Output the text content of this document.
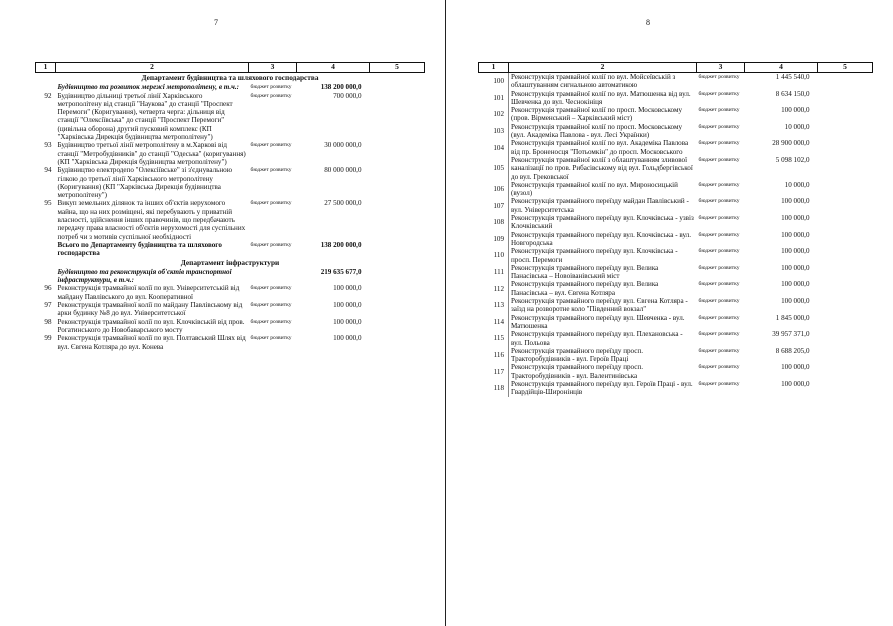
7
1	2	3	4	5
Департамент будівництва та шляхового господарства				
	Будівництво та розвиток мережі метрополітену, в т.ч.:	бюджет розвитку	138 200 000,0	
92	Будівництво дільниці третьої лінії Харківського метрополітену від станції "Наукова" до станції "Проспект Перемоги" (Коригування), четверта черга: дільниця від станції "Олексіївська" до станції "Проспект Перемоги" (цивільна оборона) другий пусковий комплекс (КП "Харківська Дирекція будівництва метрополітену")	бюджет розвитку	700 000,0	
93	Будівництво третьої лінії метрополітену в м.Харкові від станції "Метробудівників" до станції "Одеська" (коригування) (КП "Харківська Дирекція будівництва метрополітену")	бюджет розвитку	30 000 000,0	
94	Будівництво електродепо "Олексіївське" зі з'єднувальною гілкою до третьої лінії Харківського метрополітену (Коригування) (КП "Харківська Дирекція будівництва метрополітену")	бюджет розвитку	80 000 000,0	
95	Викуп земельних ділянок та інших об'єктів нерухомого майна, що на них розміщені, які перебувають у приватній власності, здійснення інших правочинів, що передбачають передачу права власності об'єктів нерухомості для суспільних потреб чи з мотивів суспільної необхідності	бюджет розвитку	27 500 000,0	
	Всього по Департаменту будівництва та шляхового господарства	бюджет розвитку	138 200 000,0	
Департамент інфраструктури				
	Будівництво та реконструкція об'єктів транспортної інфраструктури, в т.ч.:		219 635 677,0	
96	Реконструкція трамвайної колії по вул. Університетській від майдану Павлівського до вул. Кооперативної	бюджет розвитку	100 000,0	
97	Реконструкція трамвайної колії по майдану Павлівському від арки будинку №8 до вул. Університетської	бюджет розвитку	100 000,0	
98	Реконструкція трамвайної колії по вул. Клочківській від пров. Рогатинського до Новобаварського мосту	бюджет розвитку	100 000,0	
99	Реконструкція трамвайної колії по вул. Полтавський Шлях від вул. Євгена Котляра до вул. Конева	бюджет розвитку	100 000,0	
8
1	2	3	4	5
100	Реконструкція трамвайної колії по вул. Мойсеївській з облаштуванням сигнальною автоматикою	бюджет розвитку	1 445 540,0	
101	Реконструкція трамвайної колії по вул. Матюшенка від вул. Шевченка до вул. Чеснокініця	бюджет розвитку	8 634 150,0	
102	Реконструкція трамвайної колії по просп. Московському (пров. Вірменський – Харківський міст)	бюджет розвитку	100 000,0	
103	Реконструкція трамвайної колії по просп. Московському (вул. Академіка Павлова - вул. Лесі Українки)	бюджет розвитку	10 000,0	
104	Реконструкція трамвайної колії по вул. Академіка Павлова від пр. Броненосця "Потьомкін" до просп. Московського	бюджет розвитку	28 900 000,0	
105	Реконструкція трамвайної колії з облаштуванням зливової каналізації по пров. Рибасівському від вул. Гольдбергівської до вул. Грековської	бюджет розвитку	5 098 102,0	
106	Реконструкція трамвайної колії по вул. Мироносицькій (вузол)	бюджет розвитку	10 000,0	
107	Реконструкція трамвайного переїзду майдан Павлівський - вул. Університетська	бюджет розвитку	100 000,0	
108	Реконструкція трамвайного переїзду вул. Клочківська - узвіз Клочківський	бюджет розвитку	100 000,0	
109	Реконструкція трамвайного переїзду вул. Клочківська - вул. Новгородська	бюджет розвитку	100 000,0	
110	Реконструкція трамвайного переїзду вул. Клочківська - просп. Перемоги	бюджет розвитку	100 000,0	
111	Реконструкція трамвайного переїзду вул. Велика Панасівська – Новоіванівський міст	бюджет розвитку	100 000,0	
112	Реконструкція трамвайного переїзду вул. Велика Панасівська – вул. Євгена Котляра	бюджет розвитку	100 000,0	
113	Реконструкція трамвайного переїзду вул. Євгена Котляра - заїзд на розворотне коло "Південний вокзал"	бюджет розвитку	100 000,0	
114	Реконструкція трамвайного переїзду вул. Шевченка - вул. Матюшенка	бюджет розвитку	1 845 000,0	
115	Реконструкція трамвайного переїзду вул. Плехановська - вул. Польова	бюджет розвитку	39 957 371,0	
116	Реконструкція трамвайного переїзду просп. Тракторобудівників - вул. Героїв Праці	бюджет розвитку	8 688 205,0	
117	Реконструкція трамвайного переїзду просп. Тракторобудівників - вул. Валентинівська	бюджет розвитку	100 000,0	
118	Реконструкція трамвайного переїзду вул. Героїв Праці - вул. Гвардійців-Широнінців	бюджет розвитку	100 000,0	
